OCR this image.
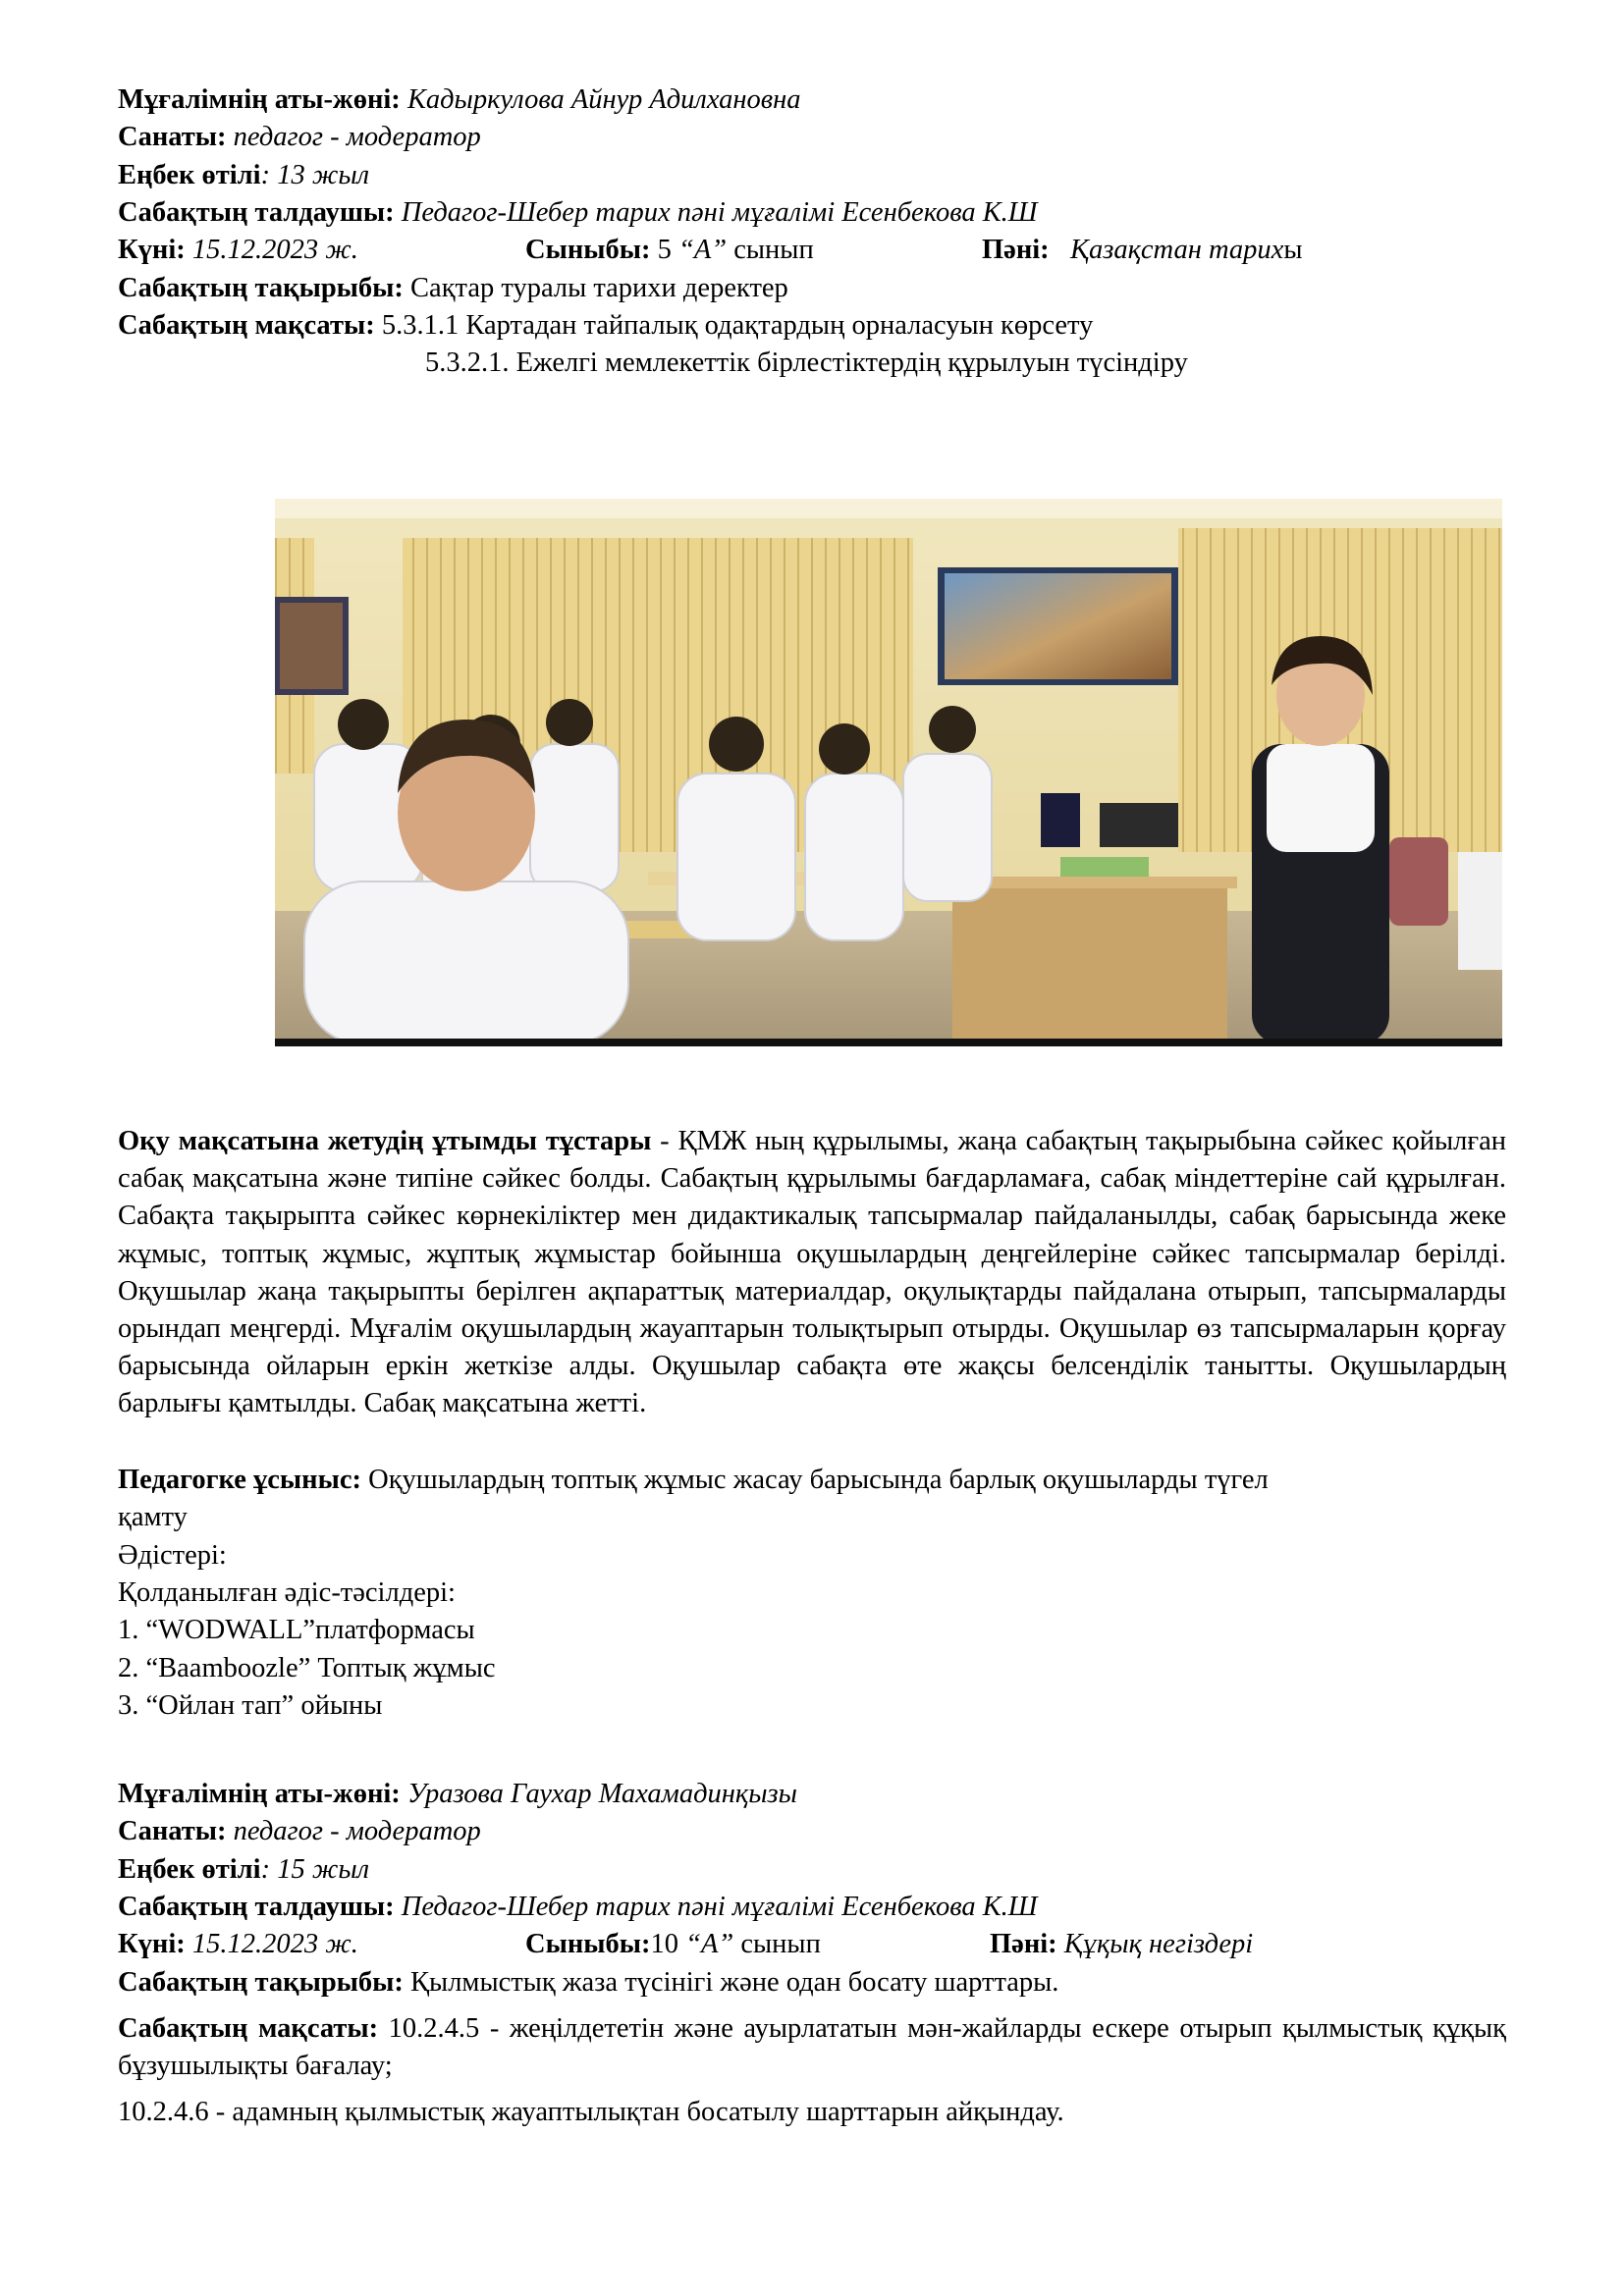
Мұғалімнің аты-жөні: Кадыркулова Айнур Адилхановна
Санаты: педагог - модератор
Еңбек өтілі: 13 жыл
Сабақтың талдаушы: Педагог-Шебер тарих пәні мұғалімі Есенбекова К.Ш
Күні: 15.12.2023 ж.	Сыныбы: 5 “А” сынып	Пәні: Қазақстан тарихы
Сабақтың тақырыбы: Сақтар туралы тарихи деректер
Сабақтың мақсаты: 5.3.1.1 Картадан тайпалық одақтардың орналасуын көрсету
5.3.2.1. Ежелгі мемлекеттік бірлестіктердің құрылуын түсіндіру
Оқу мақсатына жетудің ұтымды тұстары - ҚМЖ ның құрылымы, жаңа сабақтың тақырыбына сәйкес қойылған сабақ мақсатына және типіне сәйкес болды. Сабақтың құрылымы бағдарламаға, сабақ міндеттеріне сай құрылған. Сабақта тақырыпта сәйкес көрнекіліктер мен дидактикалық тапсырмалар пайдаланылды, сабақ барысында жеке жұмыс, топтық жұмыс, жұптық жұмыстар бойынша оқушылардың деңгейлеріне сәйкес тапсырмалар берілді. Оқушылар жаңа тақырыпты берілген ақпараттық материалдар, оқулықтарды пайдалана отырып, тапсырмаларды орындап меңгерді. Мұғалім оқушылардың жауаптарын толықтырып отырды. Оқушылар өз тапсырмаларын қорғау барысында ойларын еркін жеткізе алды. Оқушылар сабақта өте жақсы белсенділік танытты. Оқушылардың барлығы қамтылды. Сабақ мақсатына жетті.
Педагогке ұсыныс: Оқушылардың топтық жұмыс жасау барысында барлық оқушыларды түгел
қамту
Әдістері:
Қолданылған әдіс-тәсілдері:
1. “WODWALL”платформасы
2. “Baamboozle” Топтық жұмыс
3. “Ойлан тап” ойыны
Мұғалімнің аты-жөні: Уразова Гаухар Махамадинқызы
Санаты: педагог - модератор
Еңбек өтілі: 15 жыл
Сабақтың талдаушы: Педагог-Шебер тарих пәні мұғалімі Есенбекова К.Ш
Күні: 15.12.2023 ж.	Сыныбы:10 “А” сынып	Пәні: Құқық негіздері
Сабақтың тақырыбы: Қылмыстық жаза түсінігі және одан босату шарттары.
Сабақтың мақсаты: 10.2.4.5 - жеңілдететін және ауырлататын мән-жайларды ескере отырып қылмыстық құқық бұзушылықты бағалау;
10.2.4.6 - адамның қылмыстық жауаптылықтан босатылу шарттарын айқындау.
